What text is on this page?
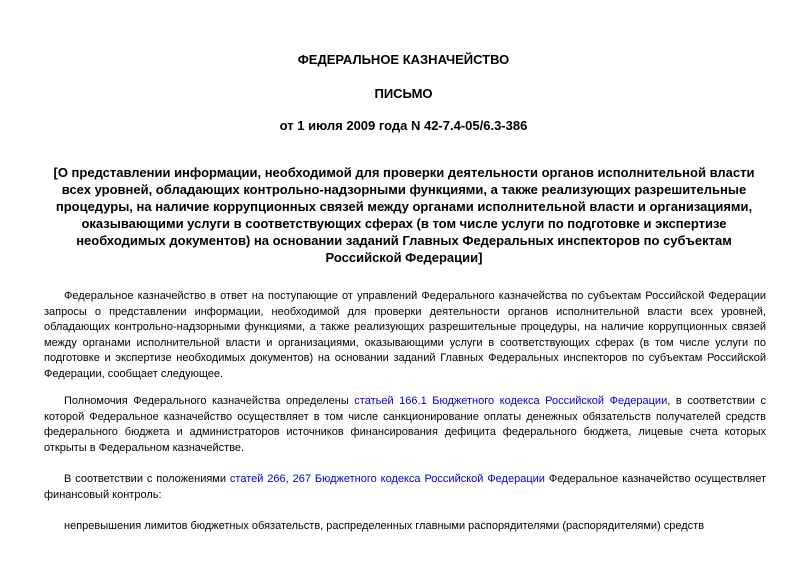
ФЕДЕРАЛЬНОЕ КАЗНАЧЕЙСТВО
ПИСЬМО
от 1 июля 2009 года N 42-7.4-05/6.3-386
[О представлении информации, необходимой для проверки деятельности органов исполнительной власти всех уровней, обладающих контрольно-надзорными функциями, а также реализующих разрешительные процедуры, на наличие коррупционных связей между органами исполнительной власти и организациями, оказывающими услуги в соответствующих сферах (в том числе услуги по подготовке и экспертизе необходимых документов) на основании заданий Главных Федеральных инспекторов по субъектам Российской Федерации]
Федеральное казначейство в ответ на поступающие от управлений Федерального казначейства по субъектам Российской Федерации запросы о представлении информации, необходимой для проверки деятельности органов исполнительной власти всех уровней, обладающих контрольно-надзорными функциями, а также реализующих разрешительные процедуры, на наличие коррупционных связей между органами исполнительной власти и организациями, оказывающими услуги в соответствующих сферах (в том числе услуги по подготовке и экспертизе необходимых документов) на основании заданий Главных Федеральных инспекторов по субъектам Российской Федерации, сообщает следующее.
Полномочия Федерального казначейства определены статьей 166.1 Бюджетного кодекса Российской Федерации, в соответствии с которой Федеральное казначейство осуществляет в том числе санкционирование оплаты денежных обязательств получателей средств федерального бюджета и администраторов источников финансирования дефицита федерального бюджета, лицевые счета которых открыты в Федеральном казначействе.
В соответствии с положениями статей 266, 267 Бюджетного кодекса Российской Федерации Федеральное казначейство осуществляет финансовый контроль:
непревышения лимитов бюджетных обязательств, распределенных главными распорядителями (распорядителями) средств
